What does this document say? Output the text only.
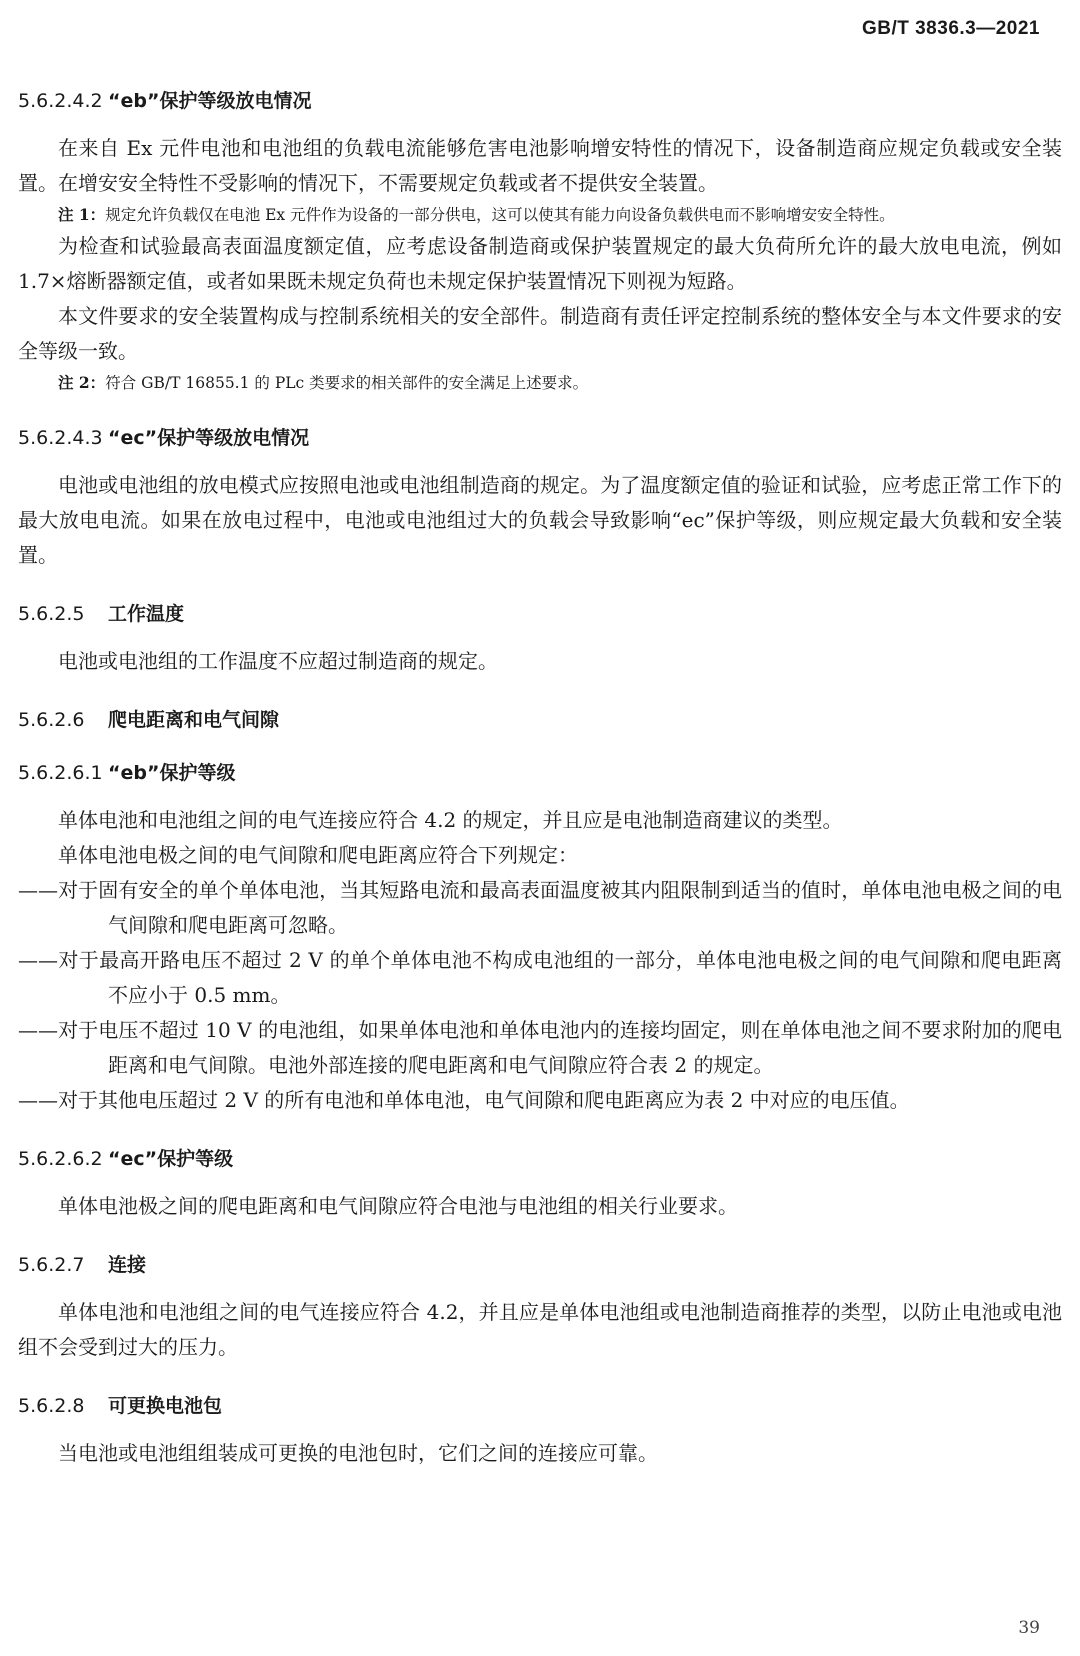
GB/T 3836.3—2021
5.6.2.4.2 “eb”保护等级放电情况

在来自 Ex 元件电池和电池组的负载电流能够危害电池影响增安特性的情况下，设备制造商应规定负载或安全装置。在增安安全特性不受影响的情况下，不需要规定负载或者不提供安全装置。

注 1：规定允许负载仅在电池 Ex 元件作为设备的一部分供电，这可以使其有能力向设备负载供电而不影响增安安全特性。

为检查和试验最高表面温度额定值，应考虑设备制造商或保护装置规定的最大负荷所允许的最大放电电流，例如 1.7×熔断器额定值，或者如果既未规定负荷也未规定保护装置情况下则视为短路。

本文件要求的安全装置构成与控制系统相关的安全部件。制造商有责任评定控制系统的整体安全与本文件要求的安全等级一致。

注 2：符合 GB/T 16855.1 的 PLc 类要求的相关部件的安全满足上述要求。

5.6.2.4.3 “ec”保护等级放电情况

电池或电池组的放电模式应按照电池或电池组制造商的规定。为了温度额定值的验证和试验，应考虑正常工作下的最大放电电流。如果在放电过程中，电池或电池组过大的负载会导致影响“ec”保护等级，则应规定最大负载和安全装置。

5.6.2.5 工作温度

电池或电池组的工作温度不应超过制造商的规定。

5.6.2.6 爬电距离和电气间隙
5.6.2.6.1 “eb”保护等级

单体电池和电池组之间的电气连接应符合 4.2 的规定，并且应是电池制造商建议的类型。

单体电池电极之间的电气间隙和爬电距离应符合下列规定：

——对于固有安全的单个单体电池，当其短路电流和最高表面温度被其内阻限制到适当的值时，单体电池电极之间的电气间隙和爬电距离可忽略。

——对于最高开路电压不超过 2 V 的单个单体电池不构成电池组的一部分，单体电池电极之间的电气间隙和爬电距离不应小于 0.5 mm。

——对于电压不超过 10 V 的电池组，如果单体电池和单体电池内的连接均固定，则在单体电池之间不要求附加的爬电距离和电气间隙。电池外部连接的爬电距离和电气间隙应符合表 2 的规定。

——对于其他电压超过 2 V 的所有电池和单体电池，电气间隙和爬电距离应为表 2 中对应的电压值。

5.6.2.6.2 “ec”保护等级

单体电池极之间的爬电距离和电气间隙应符合电池与电池组的相关行业要求。

5.6.2.7 连接

单体电池和电池组之间的电气连接应符合 4.2，并且应是单体电池组或电池制造商推荐的类型，以防止电池或电池组不会受到过大的压力。

5.6.2.8 可更换电池包

当电池或电池组组装成可更换的电池包时，它们之间的连接应可靠。

39
